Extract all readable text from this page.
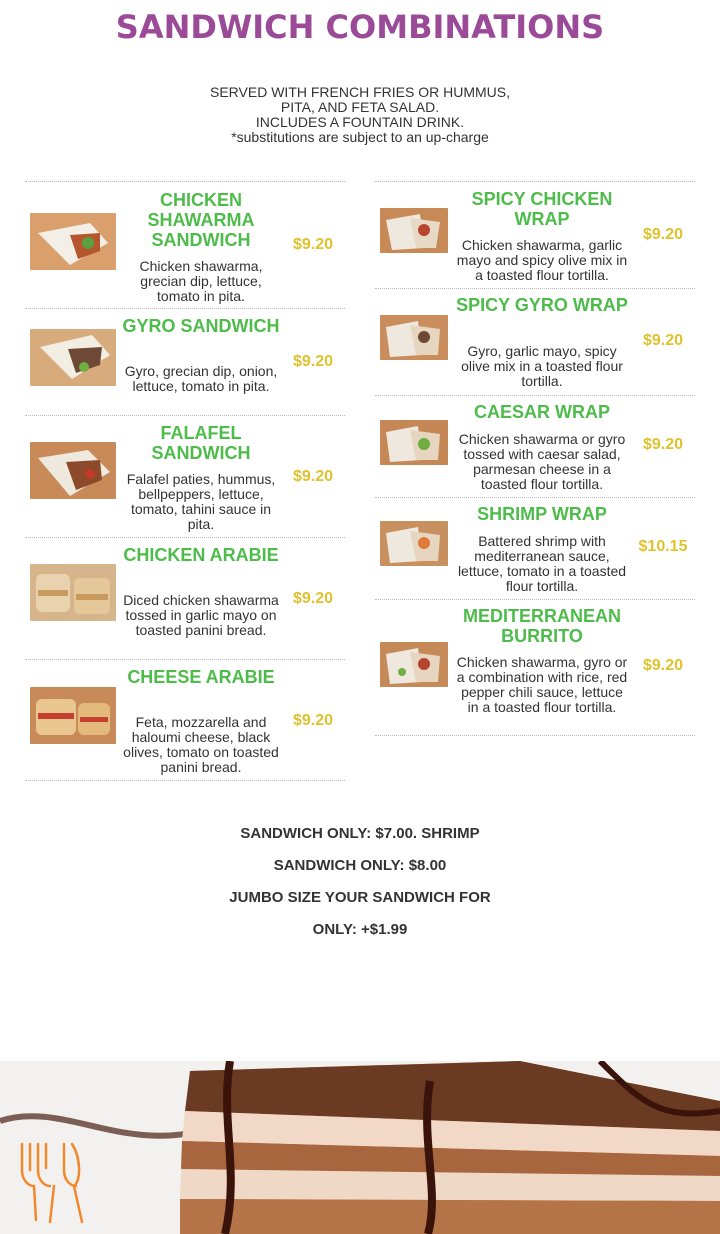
SANDWICH COMBINATIONS
SERVED WITH FRENCH FRIES OR HUMMUS,
PITA, AND FETA SALAD.
INCLUDES A FOUNTAIN DRINK.
*substitutions are subject to an up-charge
CHICKEN SHAWARMA SANDWICH
Chicken shawarma, grecian dip, lettuce, tomato in pita.
$9.20
GYRO SANDWICH
Gyro, grecian dip, onion, lettuce, tomato in pita.
$9.20
FALAFEL SANDWICH
Falafel paties, hummus, bellpeppers, lettuce, tomato, tahini sauce in pita.
$9.20
CHICKEN ARABIE
Diced chicken shawarma tossed in garlic mayo on toasted panini bread.
$9.20
CHEESE ARABIE
Feta, mozzarella and haloumi cheese, black olives, tomato on toasted panini bread.
$9.20
SPICY CHICKEN WRAP
Chicken shawarma, garlic mayo and spicy olive mix in a toasted flour tortilla.
$9.20
SPICY GYRO WRAP
Gyro, garlic mayo, spicy olive mix in a toasted flour tortilla.
$9.20
CAESAR WRAP
Chicken shawarma or gyro tossed with caesar salad, parmesan cheese in a toasted flour tortilla.
$9.20
SHRIMP WRAP
Battered shrimp with mediterranean sauce, lettuce, tomato in a toasted flour tortilla.
$10.15
MEDITERRANEAN BURRITO
Chicken shawarma, gyro or a combination with rice, red pepper chili sauce, lettuce in a toasted flour tortilla.
$9.20
SANDWICH ONLY: $7.00. SHRIMP
SANDWICH ONLY: $8.00
JUMBO SIZE YOUR SANDWICH FOR
ONLY: +$1.99
